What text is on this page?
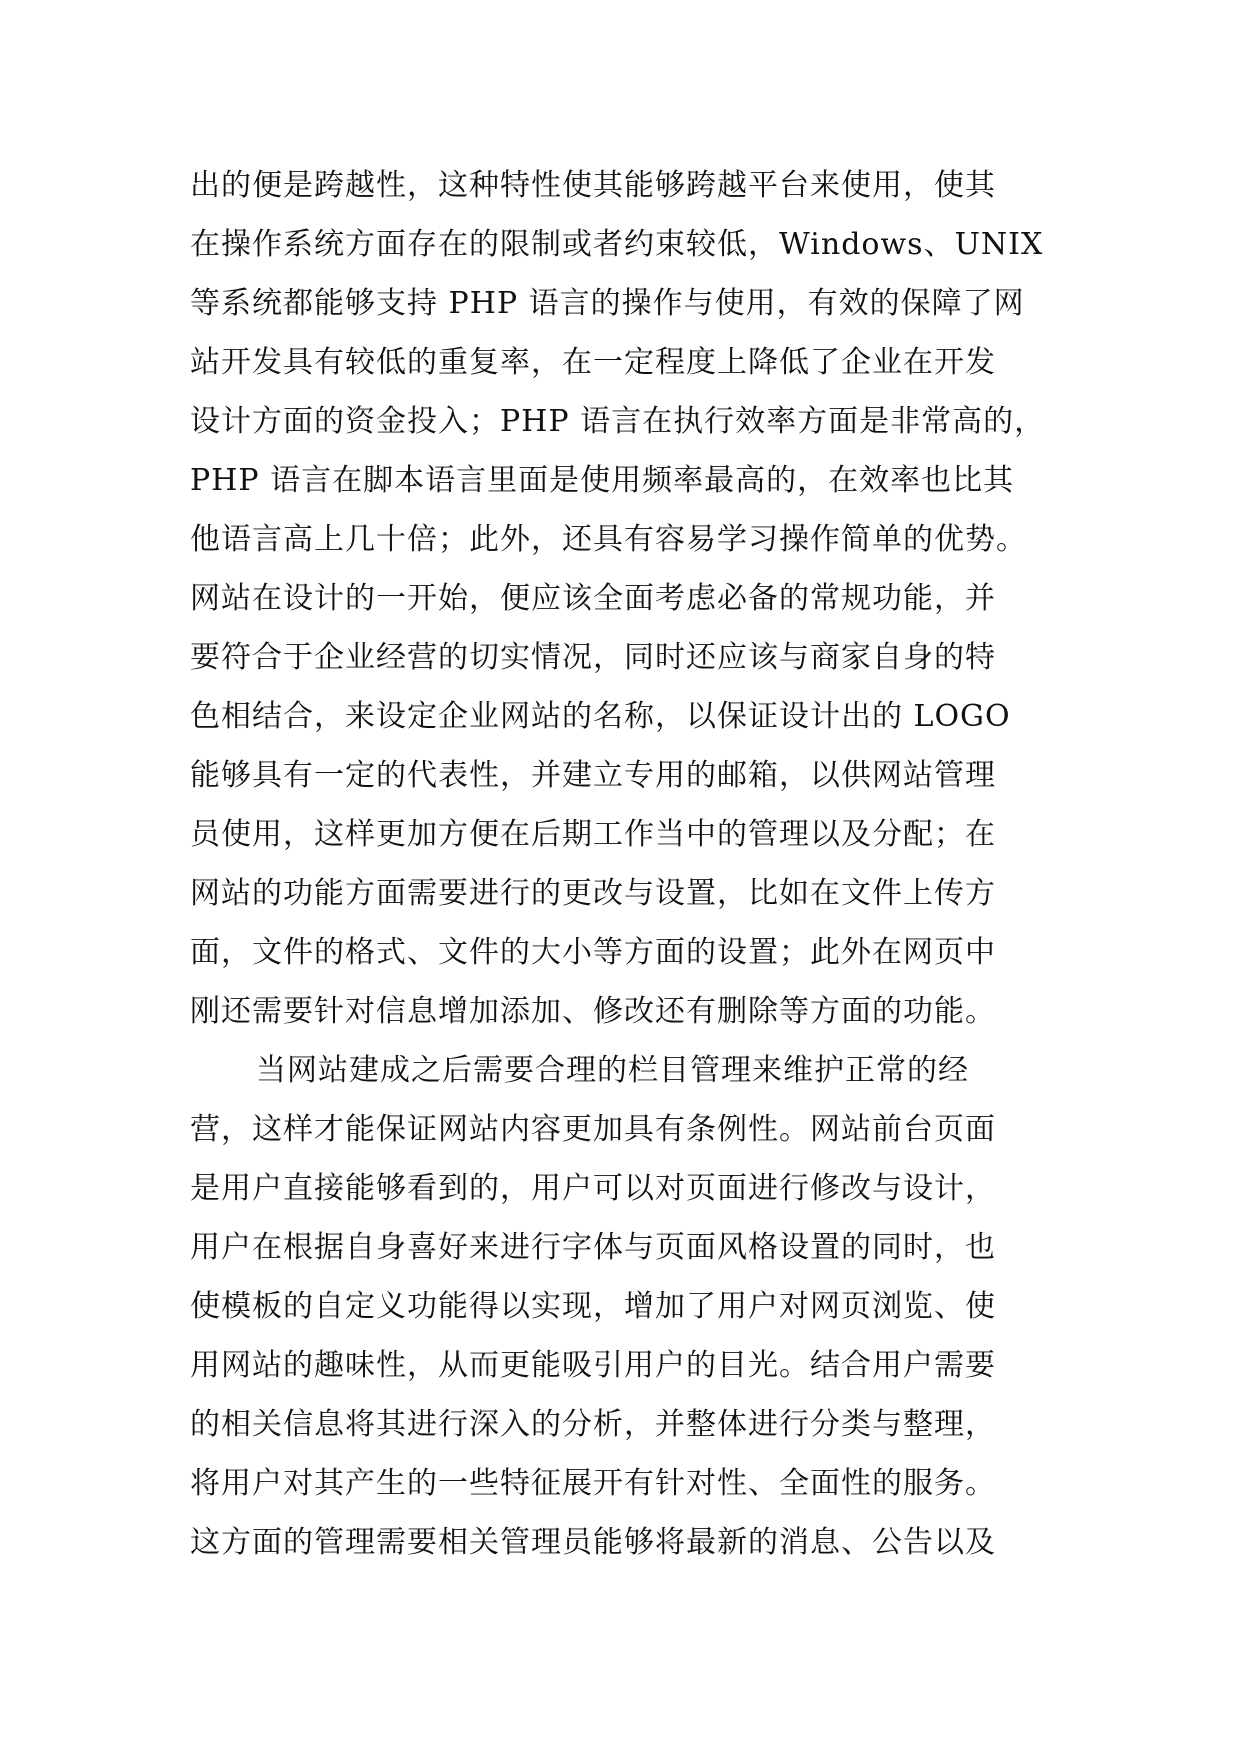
出的便是跨越性，这种特性使其能够跨越平台来使用，使其
在操作系统方面存在的限制或者约束较低，Windows、UNIX
等系统都能够支持 PHP 语言的操作与使用，有效的保障了网
站开发具有较低的重复率，在一定程度上降低了企业在开发
设计方面的资金投入；PHP 语言在执行效率方面是非常高的，
PHP 语言在脚本语言里面是使用频率最高的，在效率也比其
他语言高上几十倍；此外，还具有容易学习操作简单的优势。
网站在设计的一开始，便应该全面考虑必备的常规功能，并
要符合于企业经营的切实情况，同时还应该与商家自身的特
色相结合，来设定企业网站的名称，以保证设计出的 LOGO
能够具有一定的代表性，并建立专用的邮箱，以供网站管理
员使用，这样更加方便在后期工作当中的管理以及分配；在
网站的功能方面需要进行的更改与设置，比如在文件上传方
面，文件的格式、文件的大小等方面的设置；此外在网页中
刚还需要针对信息增加添加、修改还有删除等方面的功能。
当网站建成之后需要合理的栏目管理来维护正常的经
营，这样才能保证网站内容更加具有条例性。网站前台页面
是用户直接能够看到的，用户可以对页面进行修改与设计，
用户在根据自身喜好来进行字体与页面风格设置的同时，也
使模板的自定义功能得以实现，增加了用户对网页浏览、使
用网站的趣味性，从而更能吸引用户的目光。结合用户需要
的相关信息将其进行深入的分析，并整体进行分类与整理，
将用户对其产生的一些特征展开有针对性、全面性的服务。
这方面的管理需要相关管理员能够将最新的消息、公告以及
